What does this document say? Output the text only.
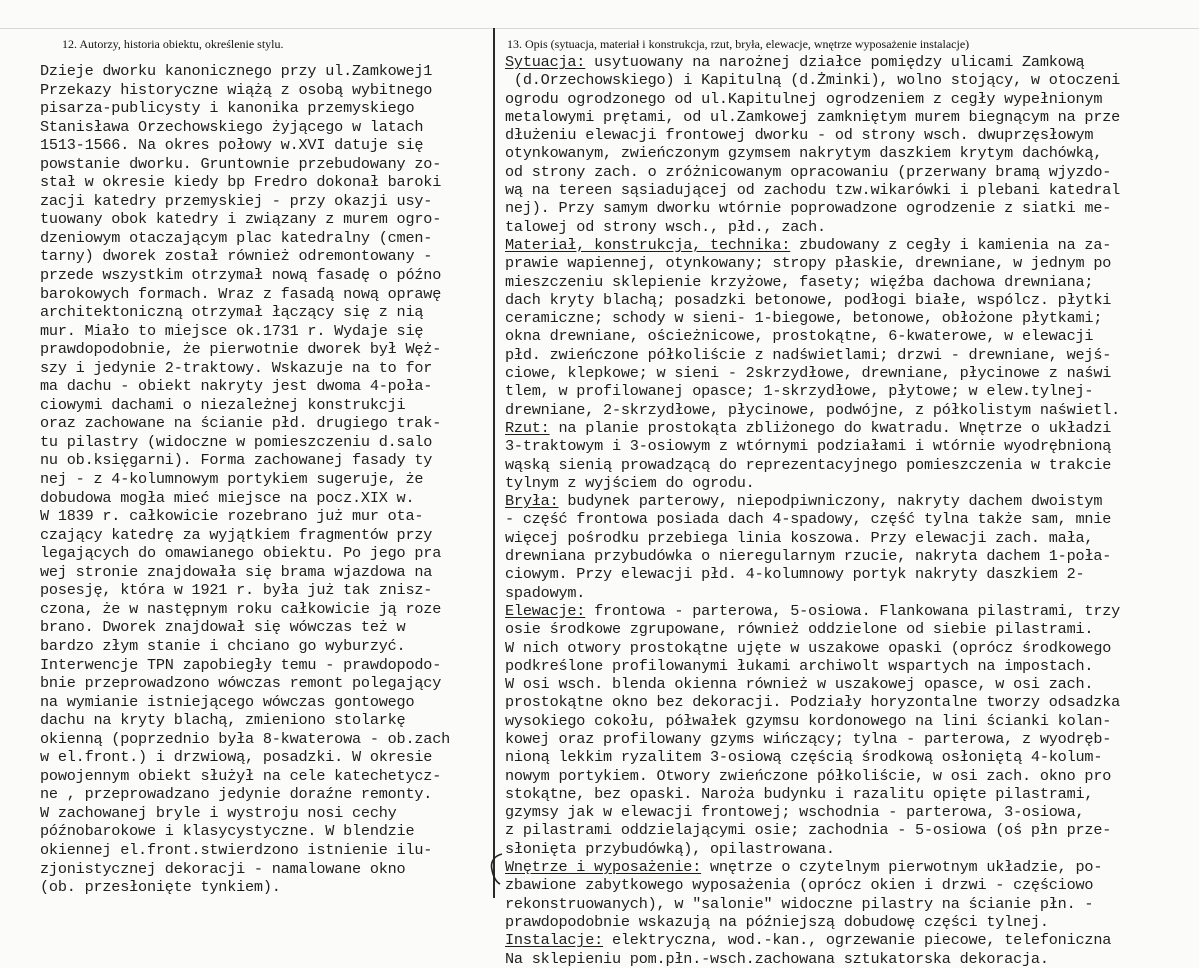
12. Autorzy, historia obiektu, określenie stylu.	13. Opis (sytuacja, materiał i konstrukcja, rzut, bryła, elewacje, wnętrze wyposażenie instalacje)
Dzieje dworku kanonicznego przy ul.Zamkowej1
Przekazy historyczne wiążą z osobą wybitnego
pisarza-publicysty i kanonika przemyskiego
Stanisława Orzechowskiego żyjącego w latach
1513-1566. Na okres połowy w.XVI datuje się
powstanie dworku. Gruntownie przebudowany zo-
stał w okresie kiedy bp Fredro dokonał baroki
zacji katedry przemyskiej - przy okazji usy-
tuowany obok katedry i związany z murem ogro-
dzeniowym otaczającym plac katedralny (cmen-
tarny) dworek został również odremontowany -
przede wszystkim otrzymał nową fasadę o późno
barokowych formach. Wraz z fasadą nową oprawę
architektoniczną otrzymał łączący się z nią
mur. Miało to miejsce ok.1731 r. Wydaje się
prawdopodobnie, że pierwotnie dworek był Węż-
szy i jedynie 2-traktowy. Wskazuje na to for
ma dachu - obiekt nakryty jest dwoma 4-poła-
ciowymi dachami o niezależnej konstrukcji
oraz zachowane na ścianie płd. drugiego trak-
tu pilastry (widoczne w pomieszczeniu d.salo
nu ob.księgarni). Forma zachowanej fasady ty
nej - z 4-kolumnowym portykiem sugeruje, że
dobudowa mogła mieć miejsce na pocz.XIX w.
W 1839 r. całkowicie rozebrano już mur ota-
czający katedrę za wyjątkiem fragmentów przy
legających do omawianego obiektu. Po jego pra
wej stronie znajdowała się brama wjazdowa na
posesję, która w 1921 r. była już tak znisz-
czona, że w następnym roku całkowicie ją roze
brano. Dworek znajdował się wówczas też w
bardzo złym stanie i chciano go wyburzyć.
Interwencje TPN zapobiegły temu - prawdopodo-
bnie przeprowadzono wówczas remont polegający
na wymianie istniejącego wówczas gontowego
dachu na kryty blachą, zmieniono stolarkę
okienną (poprzednio była 8-kwaterowa - ob.zach
w el.front.) i drzwiową, posadzki. W okresie
powojennym obiekt służył na cele katechetycz-
ne , przeprowadzano jedynie doraźne remonty.
W zachowanej bryle i wystroju nosi cechy
późnobarokowe i klasycystyczne. W blendzie
okiennej el.front.stwierdzono istnienie ilu-
zjonistycznej dekoracji - namalowane okno
(ob. przesłonięte tynkiem).
Sytuacja: usytuowany na narożnej działce pomiędzy ulicami Zamkową
(d.Orzechowskiego) i Kapitulną (d.Żminki), wolno stojący, w otoczeni
ogrodu ogrodzonego od ul.Kapitulnej ogrodzeniem z cegły wypełnionym
metalowymi prętami, od ul.Zamkowej zamkniętym murem biegnącym na prze
dłużeniu elewacji frontowej dworku - od strony wsch. dwuprzęsłowym
otynkowanym, zwieńczonym gzymsem nakrytym daszkiem krytym dachówką,
od strony zach. o zróżnicowanym opracowaniu (przerwany bramą wjyzdo-
wą na tereen sąsiadującej od zachodu tzw.wikarówki i plebani katedral
nej). Przy samym dworku wtórnie poprowadzone ogrodzenie z siatki me-
talowej od strony wsch., płd., zach.
Materiał, konstrukcja, technika: zbudowany z cegły i kamienia na za-
prawie wapiennej, otynkowany; stropy płaskie, drewniane, w jednym po
mieszczeniu sklepienie krzyżowe, fasety; więźba dachowa drewniana;
dach kryty blachą; posadzki betonowe, podłogi białe, wspólcz. płytki
ceramiczne; schody w sieni- 1-biegowe, betonowe, obłożone płytkami;
okna drewniane, ościeżnicowe, prostokątne, 6-kwaterowe, w elewacji
płd. zwieńczone półkoliście z nadświetlami; drzwi - drewniane, wejś-
ciowe, klepkowe; w sieni - 2skrzydłowe, drewniane, płycinowe z naświ
tlem, w profilowanej opasce; 1-skrzydłowe, płytowe; w elew.tylnej-
drewniane, 2-skrzydłowe, płycinowe, podwójne, z półkolistym naświetl.
Rzut: na planie prostokąta zbliżonego do kwatradu. Wnętrze o układzi
3-traktowym i 3-osiowym z wtórnymi podziałami i wtórnie wyodrębnioną
wąską sienią prowadzącą do reprezentacyjnego pomieszczenia w trakcie
tylnym z wyjściem do ogrodu.
Bryła: budynek parterowy, niepodpiwniczony, nakryty dachem dwoistym
- część frontowa posiada dach 4-spadowy, część tylna także sam, mnie
więcej pośrodku przebiega linia koszowa. Przy elewacji zach. mała,
drewniana przybudówka o nieregularnym rzucie, nakryta dachem 1-poła-
ciowym. Przy elewacji płd. 4-kolumnowy portyk nakryty daszkiem 2-
spadowym.
Elewacje: frontowa - parterowa, 5-osiowa. Flankowana pilastrami, trzy
osie środkowe zgrupowane, również oddzielone od siebie pilastrami.
W nich otwory prostokątne ujęte w uszakowe opaski (oprócz środkowego
podkreślone profilowanymi łukami archiwolt wspartych na impostach.
W osi wsch. blenda okienna również w uszakowej opasce, w osi zach.
prostokątne okno bez dekoracji. Podziały horyzontalne tworzy odsadzka
wysokiego cokołu, półwałek gzymsu kordonowego na lini ścianki kolan-
kowej oraz profilowany gzyms wińczący; tylna - parterowa, z wyodręb-
nioną lekkim ryzalitem 3-osiową częścią środkową osłoniętą 4-kolum-
nowym portykiem. Otwory zwieńczone półkoliście, w osi zach. okno pro
stokątne, bez opaski. Naroża budynku i razalitu opięte pilastrami,
gzymsy jak w elewacji frontowej; wschodnia - parterowa, 3-osiowa,
z pilastrami oddzielającymi osie; zachodnia - 5-osiowa (oś płn prze-
słonięta przybudówką), opilastrowana.
Wnętrze i wyposażenie: wnętrze o czytelnym pierwotnym układzie, po-
zbawione zabytkowego wyposażenia (oprócz okien i drzwi - częściowo
rekonstruowanych), w "salonie" widoczne pilastry na ścianie płn. -
prawdopodobnie wskazują na późniejszą dobudowę części tylnej.
Instalacje: elektryczna, wod.-kan., ogrzewanie piecowe, telefoniczna
Na sklepieniu pom.płn.-wsch.zachowana sztukatorska dekoracja.
